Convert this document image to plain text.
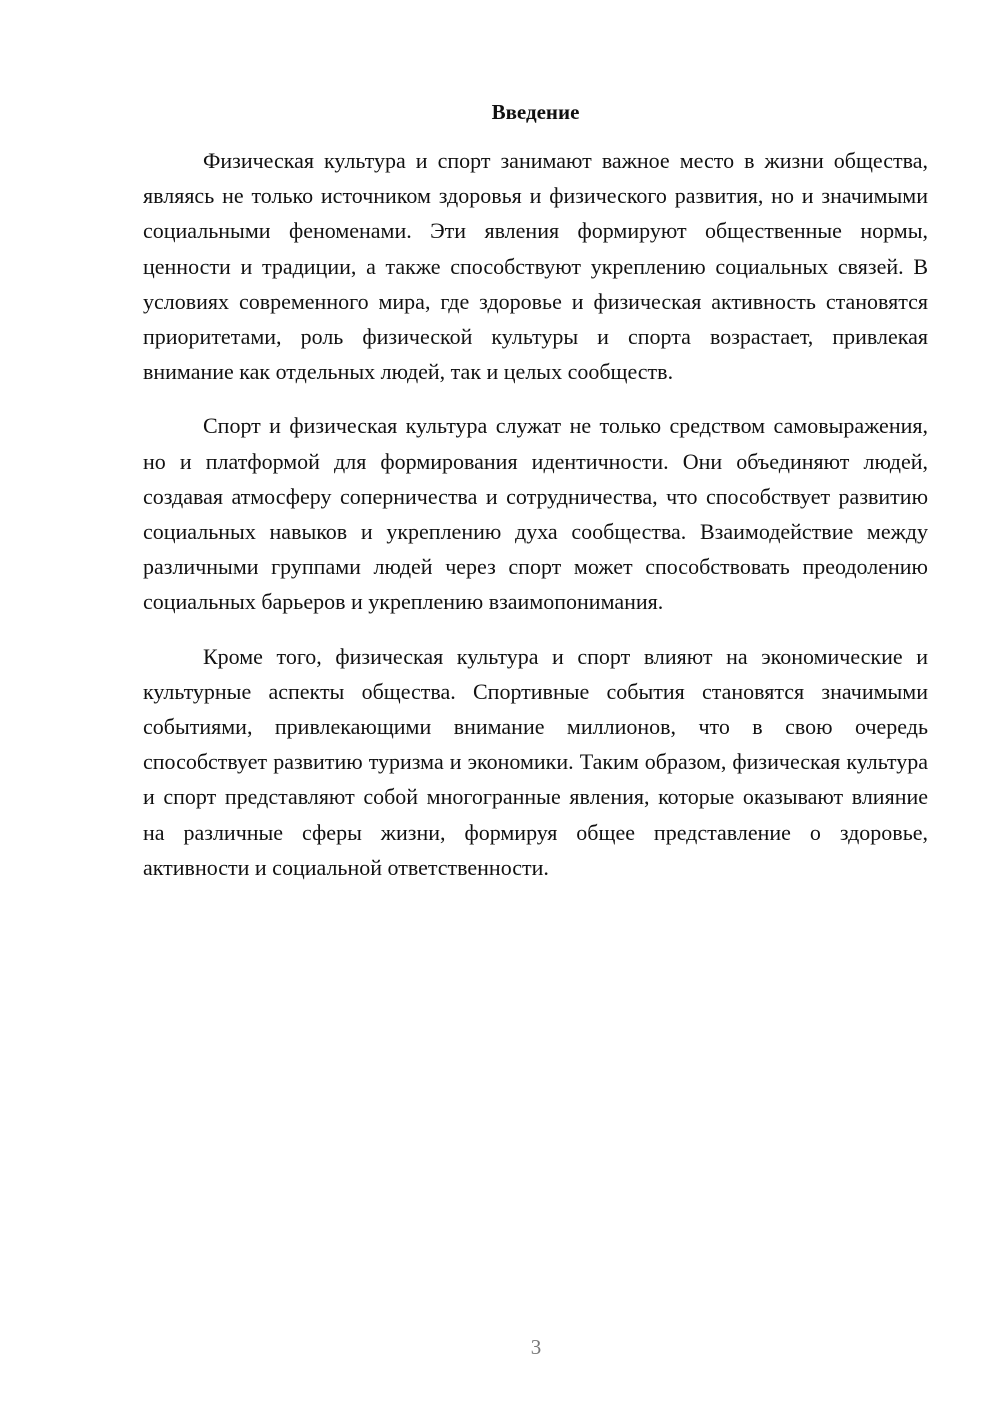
Введение

Физическая культура и спорт занимают важное место в жизни общества, являясь не только источником здоровья и физического развития, но и значимыми социальными феноменами. Эти явления формируют общественные нормы, ценности и традиции, а также способствуют укреплению социальных связей. В условиях современного мира, где здоровье и физическая активность становятся приоритетами, роль физической культуры и спорта возрастает, привлекая внимание как отдельных людей, так и целых сообществ.

Спорт и физическая культура служат не только средством самовыражения, но и платформой для формирования идентичности. Они объединяют людей, создавая атмосферу соперничества и сотрудничества, что способствует развитию социальных навыков и укреплению духа сообщества. Взаимодействие между различными группами людей через спорт может способствовать преодолению социальных барьеров и укреплению взаимопонимания.

Кроме того, физическая культура и спорт влияют на экономические и культурные аспекты общества. Спортивные события становятся значимыми событиями, привлекающими внимание миллионов, что в свою очередь способствует развитию туризма и экономики. Таким образом, физическая культура и спорт представляют собой многогранные явления, которые оказывают влияние на различные сферы жизни, формируя общее представление о здоровье, активности и социальной ответственности.

3
